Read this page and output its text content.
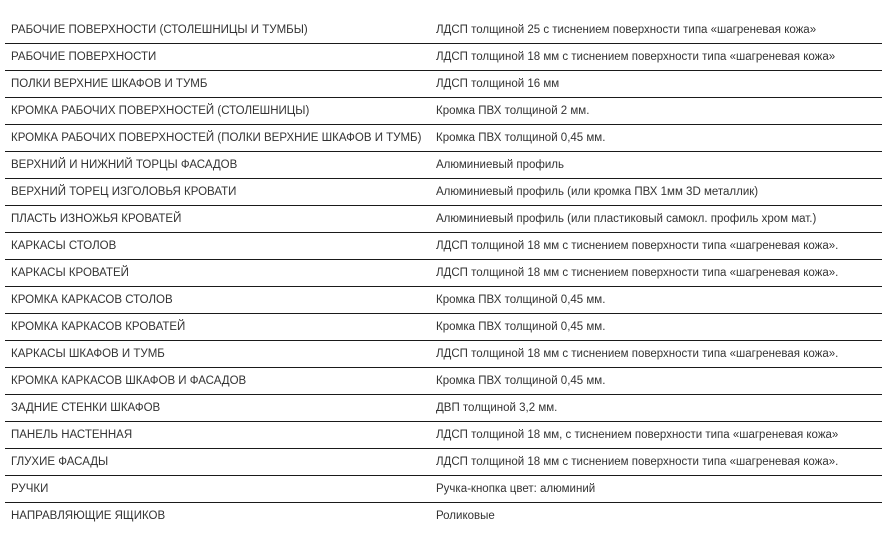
РАБОЧИЕ ПОВЕРХНОСТИ (СТОЛЕШНИЦЫ И ТУМБЫ)	ЛДСП толщиной 25 с тиснением поверхности типа «шагреневая кожа»
РАБОЧИЕ ПОВЕРХНОСТИ	ЛДСП толщиной 18 мм с тиснением поверхности типа «шагреневая кожа»
ПОЛКИ ВЕРХНИЕ ШКАФОВ И ТУМБ	ЛДСП толщиной 16 мм
КРОМКА РАБОЧИХ ПОВЕРХНОСТЕЙ (СТОЛЕШНИЦЫ)	Кромка ПВХ толщиной 2 мм.
КРОМКА РАБОЧИХ ПОВЕРХНОСТЕЙ (ПОЛКИ ВЕРХНИЕ ШКАФОВ И ТУМБ)	Кромка ПВХ толщиной 0,45 мм.
ВЕРХНИЙ И НИЖНИЙ ТОРЦЫ ФАСАДОВ	Алюминиевый профиль
ВЕРХНИЙ ТОРЕЦ ИЗГОЛОВЬЯ КРОВАТИ	Алюминиевый профиль (или кромка ПВХ 1мм 3D металлик)
ПЛАСТЬ ИЗНОЖЬЯ КРОВАТЕЙ	Алюминиевый профиль (или пластиковый самокл. профиль хром мат.)
КАРКАСЫ СТОЛОВ	ЛДСП толщиной 18 мм с тиснением поверхности типа «шагреневая кожа».
КАРКАСЫ КРОВАТЕЙ	ЛДСП толщиной 18 мм с тиснением поверхности типа «шагреневая кожа».
КРОМКА КАРКАСОВ СТОЛОВ	Кромка ПВХ толщиной 0,45 мм.
КРОМКА КАРКАСОВ КРОВАТЕЙ	Кромка ПВХ толщиной 0,45 мм.
КАРКАСЫ ШКАФОВ И ТУМБ	ЛДСП толщиной 18 мм с тиснением поверхности типа «шагреневая кожа».
КРОМКА КАРКАСОВ ШКАФОВ И ФАСАДОВ	Кромка ПВХ толщиной 0,45 мм.
ЗАДНИЕ СТЕНКИ ШКАФОВ	ДВП толщиной 3,2 мм.
ПАНЕЛЬ НАСТЕННАЯ	ЛДСП толщиной 18 мм, с тиснением поверхности типа «шагреневая кожа»
ГЛУХИЕ ФАСАДЫ	ЛДСП толщиной 18 мм с тиснением поверхности типа «шагреневая кожа».
РУЧКИ	Ручка-кнопка цвет: алюминий
НАПРАВЛЯЮЩИЕ ЯЩИКОВ	Роликовые
